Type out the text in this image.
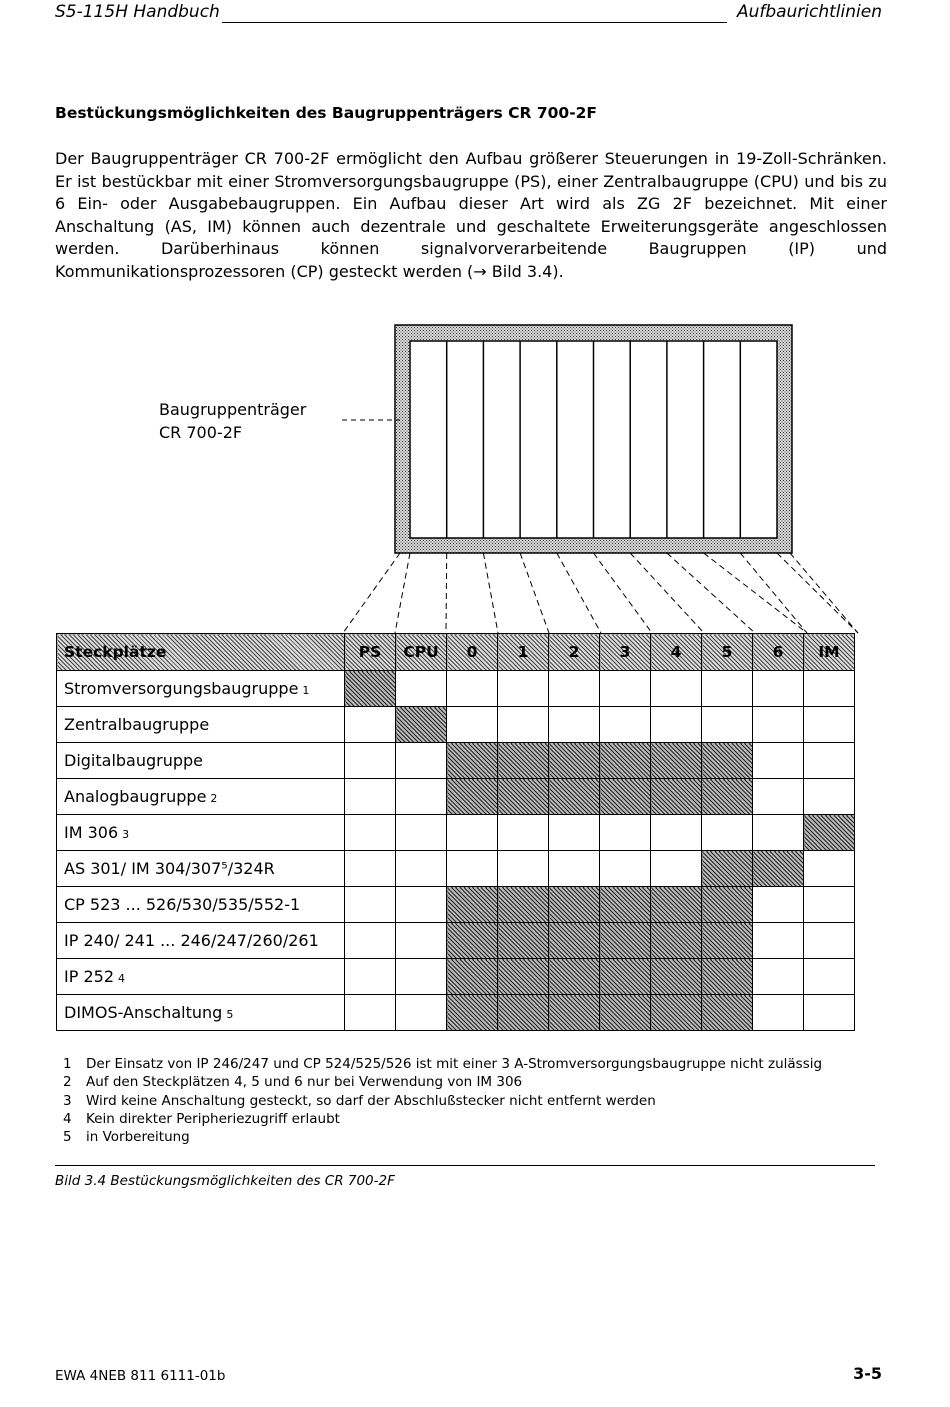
S5-115H Handbuch	Aufbaurichtlinien
Bestückungsmöglichkeiten des Baugruppenträgers CR 700-2F
Der Baugruppenträger CR 700-2F ermöglicht den Aufbau größerer Steuerungen in 19-Zoll-Schränken. Er ist bestückbar mit einer Stromversorgungsbaugruppe (PS), einer Zentralbaugruppe (CPU) und bis zu 6 Ein- oder Ausgabebaugruppen. Ein Aufbau dieser Art wird als ZG 2F bezeichnet. Mit einer Anschaltung (AS, IM) können auch dezentrale und geschaltete Erweiterungsgeräte angeschlossen werden. Darüberhinaus können signalvorverarbeitende Baugruppen (IP) und Kommunikationsprozessoren (CP) gesteckt werden (→ Bild 3.4).
Baugruppenträger
CR 700-2F
Steckplätze	PS	CPU	0	1	2	3	4	5	6	IM
Stromversorgungsbaugruppe 1										
Zentralbaugruppe										
Digitalbaugruppe										
Analogbaugruppe 2										
IM 306 3										
AS 301/ IM 304/307⁵/324R										
CP 523 ... 526/530/535/552-1										
IP 240/ 241 ... 246/247/260/261										
IP 252 4										
DIMOS-Anschaltung 5										
1 Der Einsatz von IP 246/247 und CP 524/525/526 ist mit einer 3 A-Stromversorgungsbaugruppe nicht zulässig
2 Auf den Steckplätzen 4, 5 und 6 nur bei Verwendung von IM 306
3 Wird keine Anschaltung gesteckt, so darf der Abschlußstecker nicht entfernt werden
4 Kein direkter Peripheriezugriff erlaubt
5 in Vorbereitung
Bild 3.4 Bestückungsmöglichkeiten des CR 700-2F
EWA 4NEB 811 6111-01b	3-5
